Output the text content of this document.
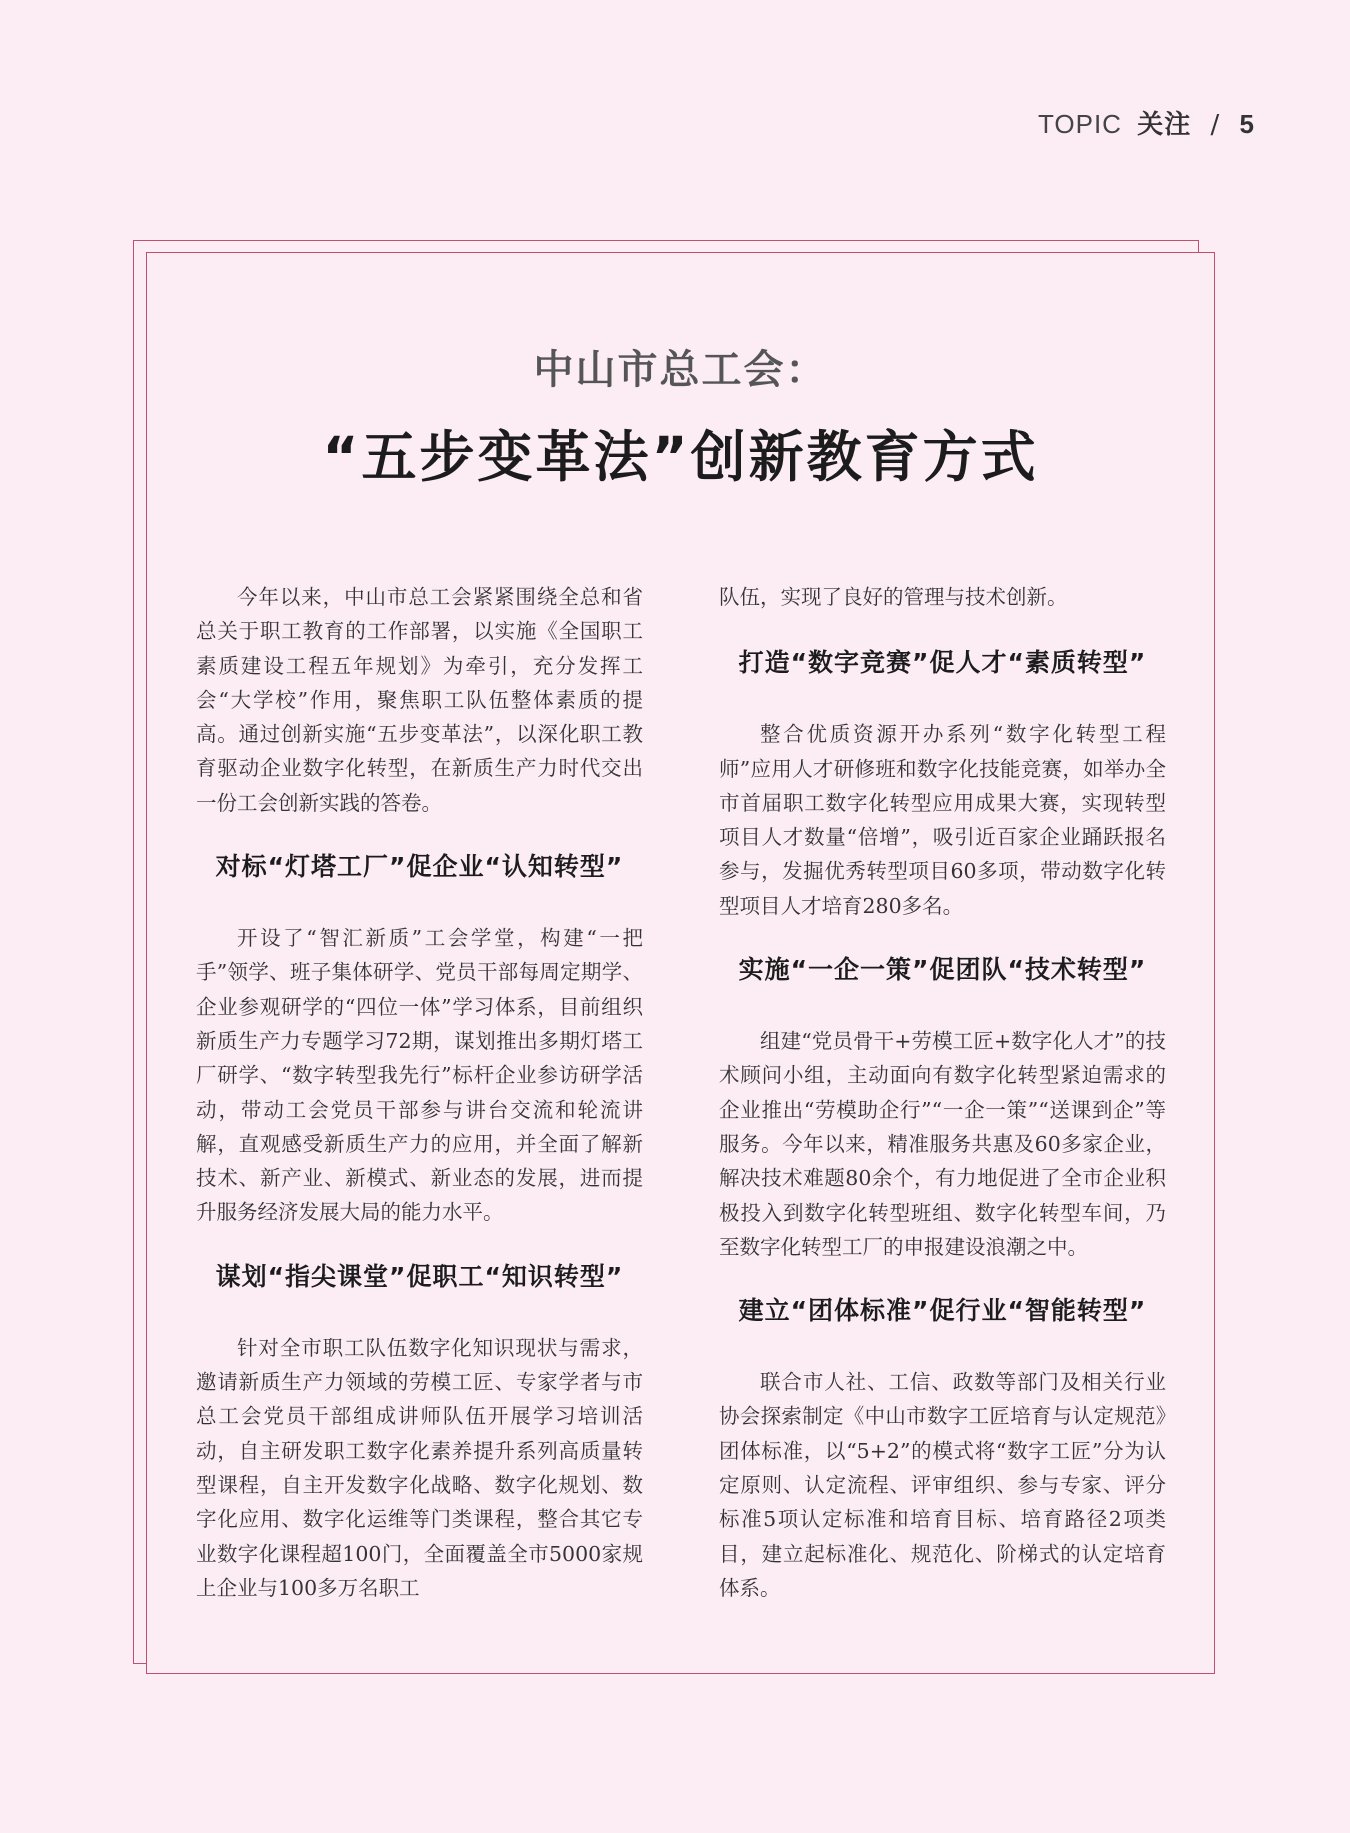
TOPIC 关注 / 5
中山市总工会：
“五步变革法”创新教育方式

今年以来，中山市总工会紧紧围绕全总和省总关于职工教育的工作部署，以实施《全国职工素质建设工程五年规划》为牵引，充分发挥工会“大学校”作用，聚焦职工队伍整体素质的提高。通过创新实施“五步变革法”，以深化职工教育驱动企业数字化转型，在新质生产力时代交出一份工会创新实践的答卷。

对标“灯塔工厂”促企业“认知转型”

开设了“智汇新质”工会学堂，构建“一把手”领学、班子集体研学、党员干部每周定期学、企业参观研学的“四位一体”学习体系，目前组织新质生产力专题学习72期，谋划推出多期灯塔工厂研学、“数字转型我先行”标杆企业参访研学活动，带动工会党员干部参与讲台交流和轮流讲解，直观感受新质生产力的应用，并全面了解新技术、新产业、新模式、新业态的发展，进而提升服务经济发展大局的能力水平。

谋划“指尖课堂”促职工“知识转型”

针对全市职工队伍数字化知识现状与需求，邀请新质生产力领域的劳模工匠、专家学者与市总工会党员干部组成讲师队伍开展学习培训活动，自主研发职工数字化素养提升系列高质量转型课程，自主开发数字化战略、数字化规划、数字化应用、数字化运维等门类课程，整合其它专业数字化课程超100门，全面覆盖全市5000家规上企业与100多万名职工

队伍，实现了良好的管理与技术创新。

打造“数字竞赛”促人才“素质转型”

整合优质资源开办系列“数字化转型工程师”应用人才研修班和数字化技能竞赛，如举办全市首届职工数字化转型应用成果大赛，实现转型项目人才数量“倍增”，吸引近百家企业踊跃报名参与，发掘优秀转型项目60多项，带动数字化转型项目人才培育280多名。

实施“一企一策”促团队“技术转型”

组建“党员骨干+劳模工匠+数字化人才”的技术顾问小组，主动面向有数字化转型紧迫需求的企业推出“劳模助企行”“一企一策”“送课到企”等服务。今年以来，精准服务共惠及60多家企业，解决技术难题80余个，有力地促进了全市企业积极投入到数字化转型班组、数字化转型车间，乃至数字化转型工厂的申报建设浪潮之中。

建立“团体标准”促行业“智能转型”

联合市人社、工信、政数等部门及相关行业协会探索制定《中山市数字工匠培育与认定规范》团体标准，以“5+2”的模式将“数字工匠”分为认定原则、认定流程、评审组织、参与专家、评分标准5项认定标准和培育目标、培育路径2项类目，建立起标准化、规范化、阶梯式的认定培育体系。
